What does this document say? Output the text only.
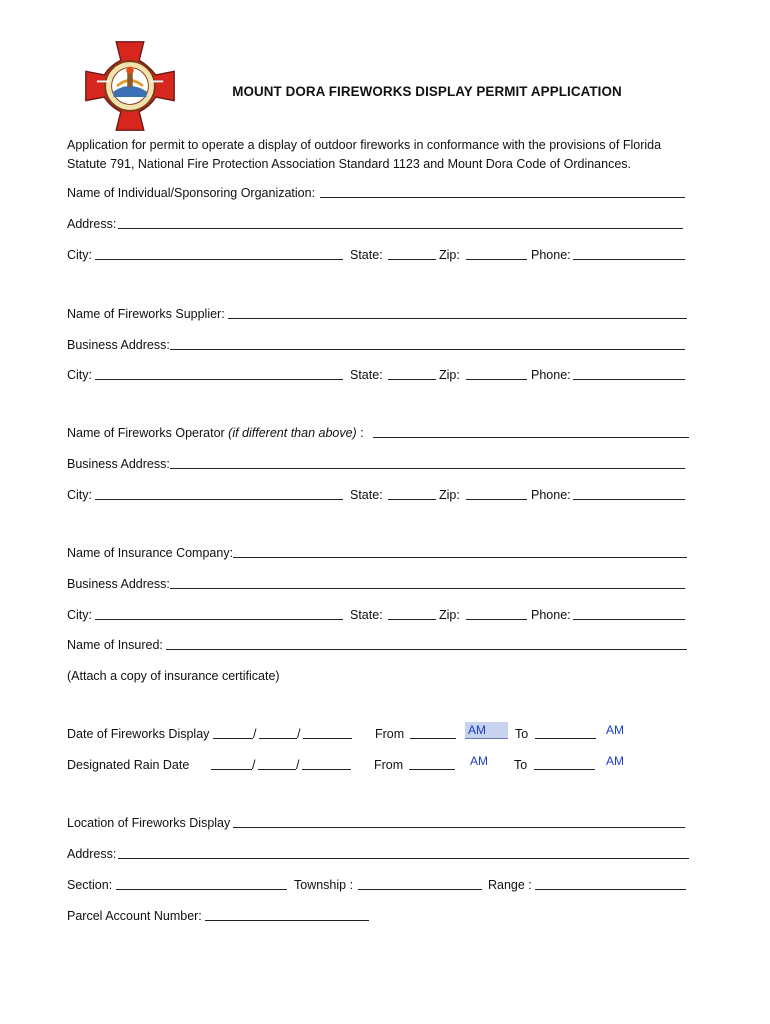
MOUNT DORA FIREWORKS DISPLAY PERMIT APPLICATION
Application for permit to operate a display of outdoor fireworks in conformance with the provisions of Florida
Statute 791, National Fire Protection Association Standard 1123 and Mount Dora Code of Ordinances.
Name of Individual/Sponsoring Organization:
Address:
City:	State:	Zip:	Phone:
Name of Fireworks Supplier:
Business Address:
City:	State:	Zip:	Phone:
Name of Fireworks Operator (if different than above) :
Business Address:
City:	State:	Zip:	Phone:
Name of Insurance Company:
Business Address:
City:	State:	Zip:	Phone:
Name of Insured:
(Attach a copy of insurance certificate)
Date of Fireworks Display	/	/	From	AM	To	AM
Designated Rain Date	/	/	From	AM To	AM
Location of Fireworks Display
Address:
Section:	Township :	Range :
Parcel Account Number:
